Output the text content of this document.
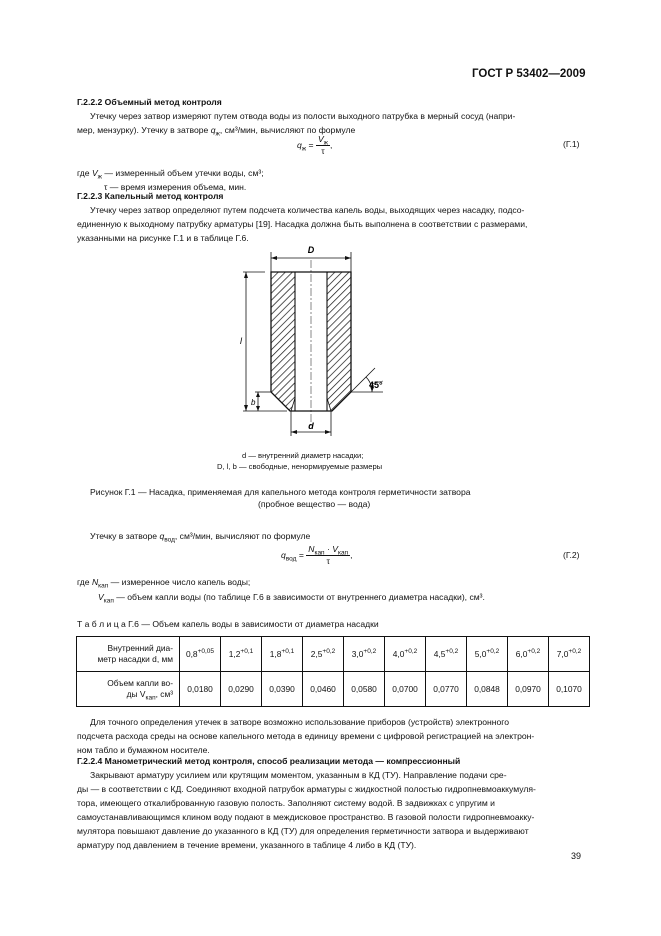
ГОСТ Р 53402—2009
Г.2.2.2 Объемный метод контроля
Утечку через затвор измеряют путем отвода воды из полости выходного патрубка в мерный сосуд (напри-
мер, мензурку). Утечку в затворе $q_ж$, см³/мин, вычисляют по формуле
$q_ж = \frac{V_ж}{\tau}$ ,	(Г.1)
где $V_ж$ — измеренный объем утечки воды, см³;
τ — время измерения объема, мин.
Г.2.2.3 Капельный метод контроля
Утечку через затвор определяют путем подсчета количества капель воды, выходящих через насадку, подсо-
единенную к выходному патрубку арматуры [19]. Насадка должна быть выполнена в соответствии с размерами,
указанными на рисунке Г.1 и в таблице Г.6.
D
l
b
d
45°
d — внутренний диаметр насадки;
D, l, b — свободные, ненормируемые размеры
Рисунок Г.1 — Насадка, применяемая для капельного метода контроля герметичности затвора
(пробное вещество — вода)
Утечку в затворе $q_{вод}$, см³/мин, вычисляют по формуле
$q_{вод} = \frac{N_{кап} \cdot V_{кап}}{\tau}$ ,	(Г.2)
где $N_{кап}$ — измеренное число капель воды;
$V_{кап}$ — объем капли воды (по таблице Г.6 в зависимости от внутреннего диаметра насадки), см³.
Т а б л и ц а Г.6 — Объем капель воды в зависимости от диаметра насадки
Внутренний диа-
метр насадки d, мм	$0,8^{+0,05}$	$1,2^{+0,1}$	$1,8^{+0,1}$	$2,5^{+0,2}$	$3,0^{+0,2}$	$4,0^{+0,2}$	$4,5^{+0,2}$	$5,0^{+0,2}$	$6,0^{+0,2}$	$7,0^{+0,2}$
Объем капли во-
ды $V_{кап}$, см³	0,0180	0,0290	0,0390	0,0460	0,0580	0,0700	0,0770	0,0848	0,0970	0,1070
Для точного определения утечек в затворе возможно использование приборов (устройств) электронного
подсчета расхода среды на основе капельного метода в единицу времени с цифровой регистрацией на электрон-
ном табло и бумажном носителе.
Г.2.2.4 Манометрический метод контроля, способ реализации метода — компрессионный
Закрывают арматуру усилием или крутящим моментом, указанным в КД (ТУ). Направление подачи сре-
ды — в соответствии с КД. Соединяют входной патрубок арматуры с жидкостной полостью гидропневмоаккумуля-
тора, имеющего откалиброванную газовую полость. Заполняют систему водой. В задвижках с упругим и
самоустанавливающимся клином воду подают в междисковое пространство. В газовой полости гидропневмоакку-
мулятора повышают давление до указанного в КД (ТУ) для определения герметичности затвора и выдерживают
арматуру под давлением в течение времени, указанного в таблице 4 либо в КД (ТУ).
39
